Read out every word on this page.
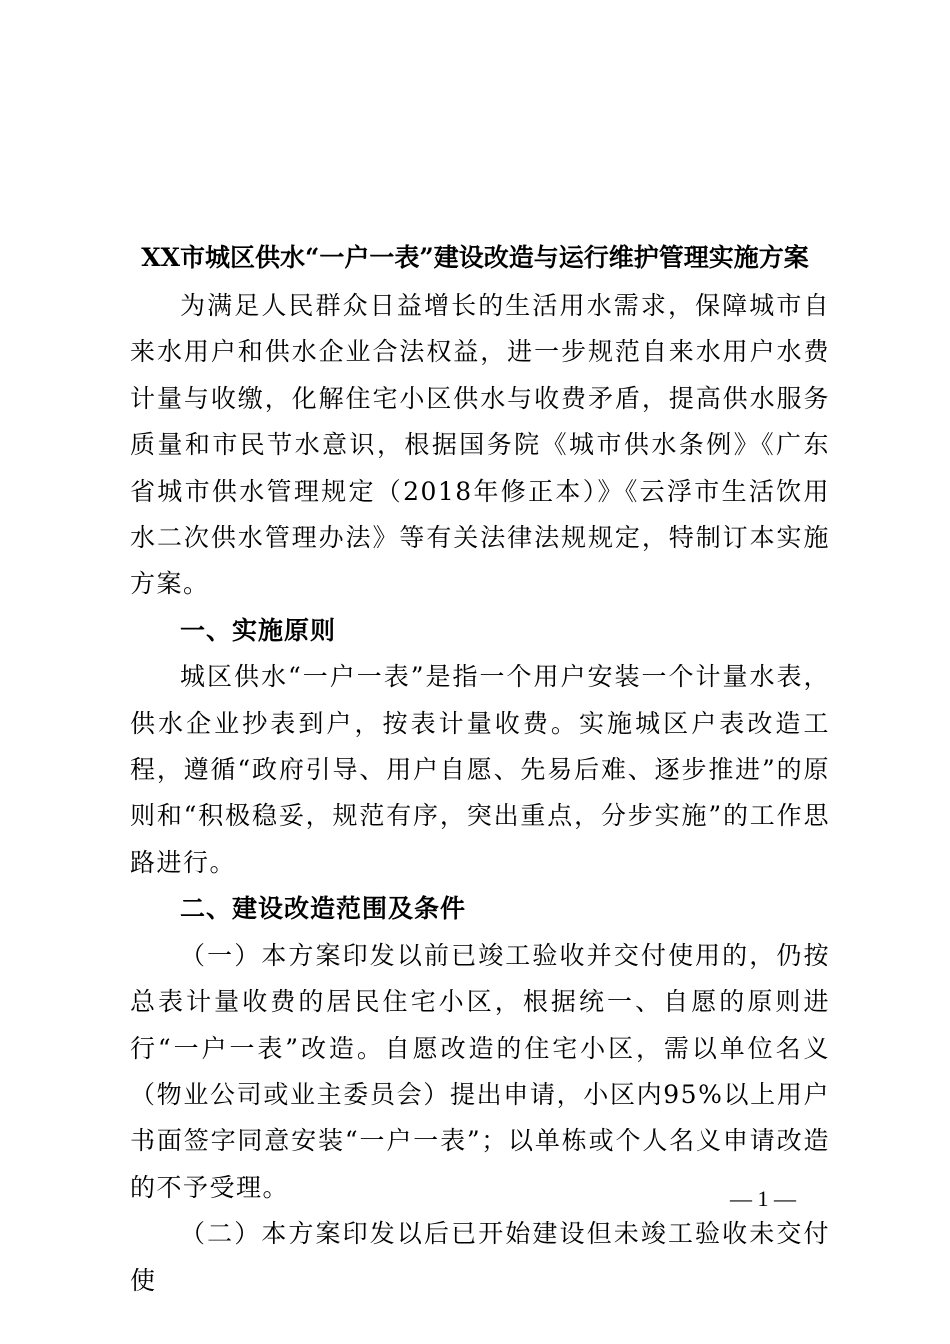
XX市城区供水“一户一表”建设改造与运行维护管理实施方案

为满足人民群众日益增长的生活用水需求，保障城市自来水用户和供水企业合法权益，进一步规范自来水用户水费计量与收缴，化解住宅小区供水与收费矛盾，提高供水服务质量和市民节水意识，根据国务院《城市供水条例》《广东省城市供水管理规定（2018年修正本）》《云浮市生活饮用水二次供水管理办法》等有关法律法规规定，特制订本实施方案。

一、实施原则

城区供水“一户一表”是指一个用户安装一个计量水表，供水企业抄表到户，按表计量收费。实施城区户表改造工程，遵循“政府引导、用户自愿、先易后难、逐步推进”的原则和“积极稳妥，规范有序，突出重点，分步实施”的工作思路进行。

二、建设改造范围及条件

（一）本方案印发以前已竣工验收并交付使用的，仍按总表计量收费的居民住宅小区，根据统一、自愿的原则进行“一户一表”改造。自愿改造的住宅小区，需以单位名义（物业公司或业主委员会）提出申请，小区内95%以上用户书面签字同意安装“一户一表”；以单栋或个人名义申请改造的不予受理。

（二）本方案印发以后已开始建设但未竣工验收未交付使

— 1 —
